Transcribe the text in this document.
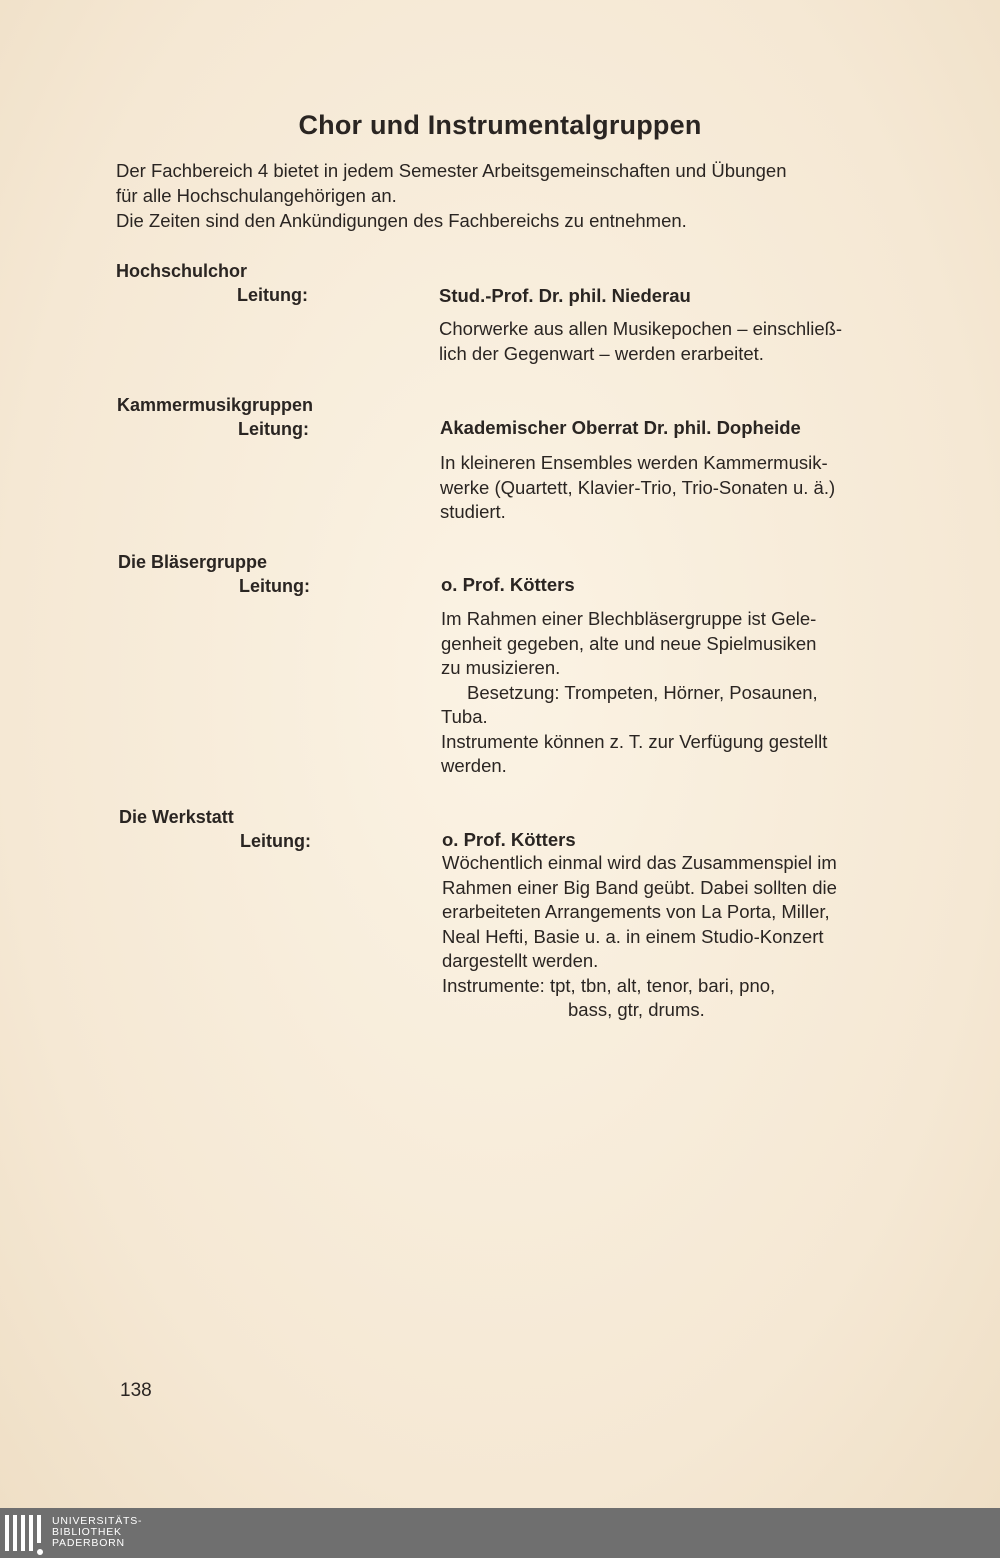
Chor und Instrumentalgruppen
Der Fachbereich 4 bietet in jedem Semester Arbeitsgemeinschaften und Übungen
für alle Hochschulangehörigen an.
Die Zeiten sind den Ankündigungen des Fachbereichs zu entnehmen.
Hochschulchor
Leitung:	Stud.-Prof. Dr. phil. Niederau
Chorwerke aus allen Musikepochen – einschließ-
lich der Gegenwart – werden erarbeitet.
Kammermusikgruppen
Leitung:	Akademischer Oberrat Dr. phil. Dopheide
In kleineren Ensembles werden Kammermusik-
werke (Quartett, Klavier-Trio, Trio-Sonaten u. ä.)
studiert.
Die Bläsergruppe
Leitung:	o. Prof. Kötters
Im Rahmen einer Blechbläsergruppe ist Gele-
genheit gegeben, alte und neue Spielmusiken
zu musizieren.
Besetzung: Trompeten, Hörner, Posaunen,
Tuba.
Instrumente können z. T. zur Verfügung gestellt
werden.
Die Werkstatt
Leitung:	o. Prof. Kötters
Wöchentlich einmal wird das Zusammenspiel im
Rahmen einer Big Band geübt. Dabei sollten die
erarbeiteten Arrangements von La Porta, Miller,
Neal Hefti, Basie u. a. in einem Studio-Konzert
dargestellt werden.
Instrumente: tpt, tbn, alt, tenor, bari, pno,
bass, gtr, drums.
138
UNIVERSITÄTS-
BIBLIOTHEK
PADERBORN
